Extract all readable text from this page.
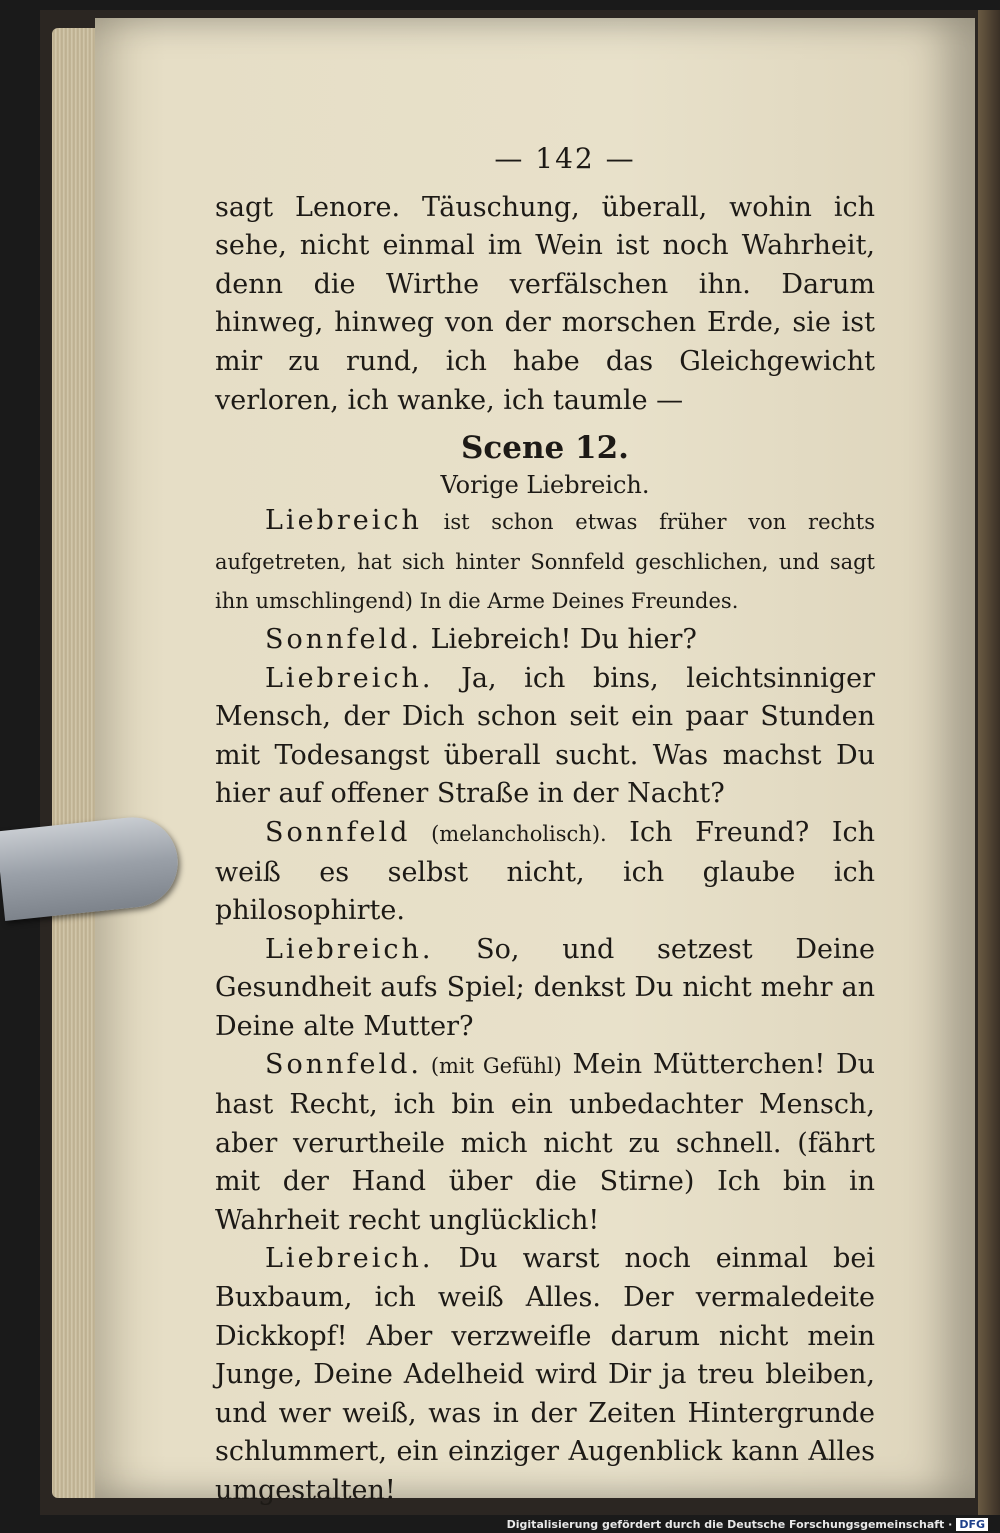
— 142 —

sagt Lenore. Täuschung, überall, wohin ich sehe, nicht einmal im Wein ist noch Wahrheit, denn die Wirthe verfälschen ihn. Darum hinweg, hinweg von der morschen Erde, sie ist mir zu rund, ich habe das Gleichgewicht verloren, ich wanke, ich taumle —

Scene 12.
Vorige Liebreich.

Liebreich ist schon etwas früher von rechts aufgetreten, hat sich hinter Sonnfeld geschlichen, und sagt ihn umschlingend) In die Arme Deines Freundes.

Sonnfeld. Liebreich! Du hier?

Liebreich. Ja, ich bins, leichtsinniger Mensch, der Dich schon seit ein paar Stunden mit Todesangst überall sucht. Was machst Du hier auf offener Straße in der Nacht?

Sonnfeld (melancholisch). Ich Freund? Ich weiß es selbst nicht, ich glaube ich philosophirte.

Liebreich. So, und setzest Deine Gesundheit aufs Spiel; denkst Du nicht mehr an Deine alte Mutter?

Sonnfeld. (mit Gefühl) Mein Mütterchen! Du hast Recht, ich bin ein unbedachter Mensch, aber verurtheile mich nicht zu schnell. (fährt mit der Hand über die Stirne) Ich bin in Wahrheit recht unglücklich!

Liebreich. Du warst noch einmal bei Buxbaum, ich weiß Alles. Der vermaledeite Dickkopf! Aber verzweifle darum nicht mein Junge, Deine Adelheid wird Dir ja treu bleiben, und wer weiß, was in der Zeiten Hintergrunde schlummert, ein einziger Augenblick kann Alles umgestalten!

Digitalisierung gefördert durch die Deutsche Forschungsgemeinschaft · DFG
